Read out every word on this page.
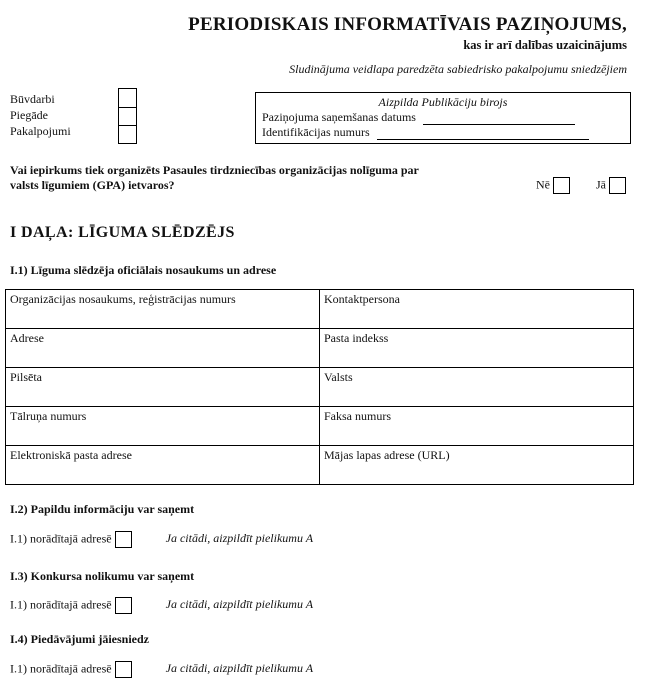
PERIODISKAIS INFORMATĪVAIS PAZIŅOJUMS,
kas ir arī dalības uzaicinājums
Sludinājuma veidlapa paredzēta sabiedrisko pakalpojumu sniedzējiem
Būvdarbi
Piegāde
Pakalpojumi
Aizpilda Publikāciju birojs
Paziņojuma saņemšanas datums
Identifikācijas numurs
Vai iepirkums tiek organizēts Pasaules tirdzniecības organizācijas nolīguma par
valsts līgumiem (GPA) ietvaros?	Nē	Jā
I DAĻA: LĪGUMA SLĒDZĒJS
I.1) Līguma slēdzēja oficiālais nosaukums un adrese
Organizācijas nosaukums, reģistrācijas numurs	Kontaktpersona
Adrese	Pasta indekss
Pilsēta	Valsts
Tālruņa numurs	Faksa numurs
Elektroniskā pasta adrese	Mājas lapas adrese (URL)
I.2) Papildu informāciju var saņemt
I.1) norādītajā adresē	Ja citādi, aizpildīt pielikumu A
I.3) Konkursa nolikumu var saņemt
I.1) norādītajā adresē	Ja citādi, aizpildīt pielikumu A
I.4) Piedāvājumi jāiesniedz
I.1) norādītajā adresē	Ja citādi, aizpildīt pielikumu A
